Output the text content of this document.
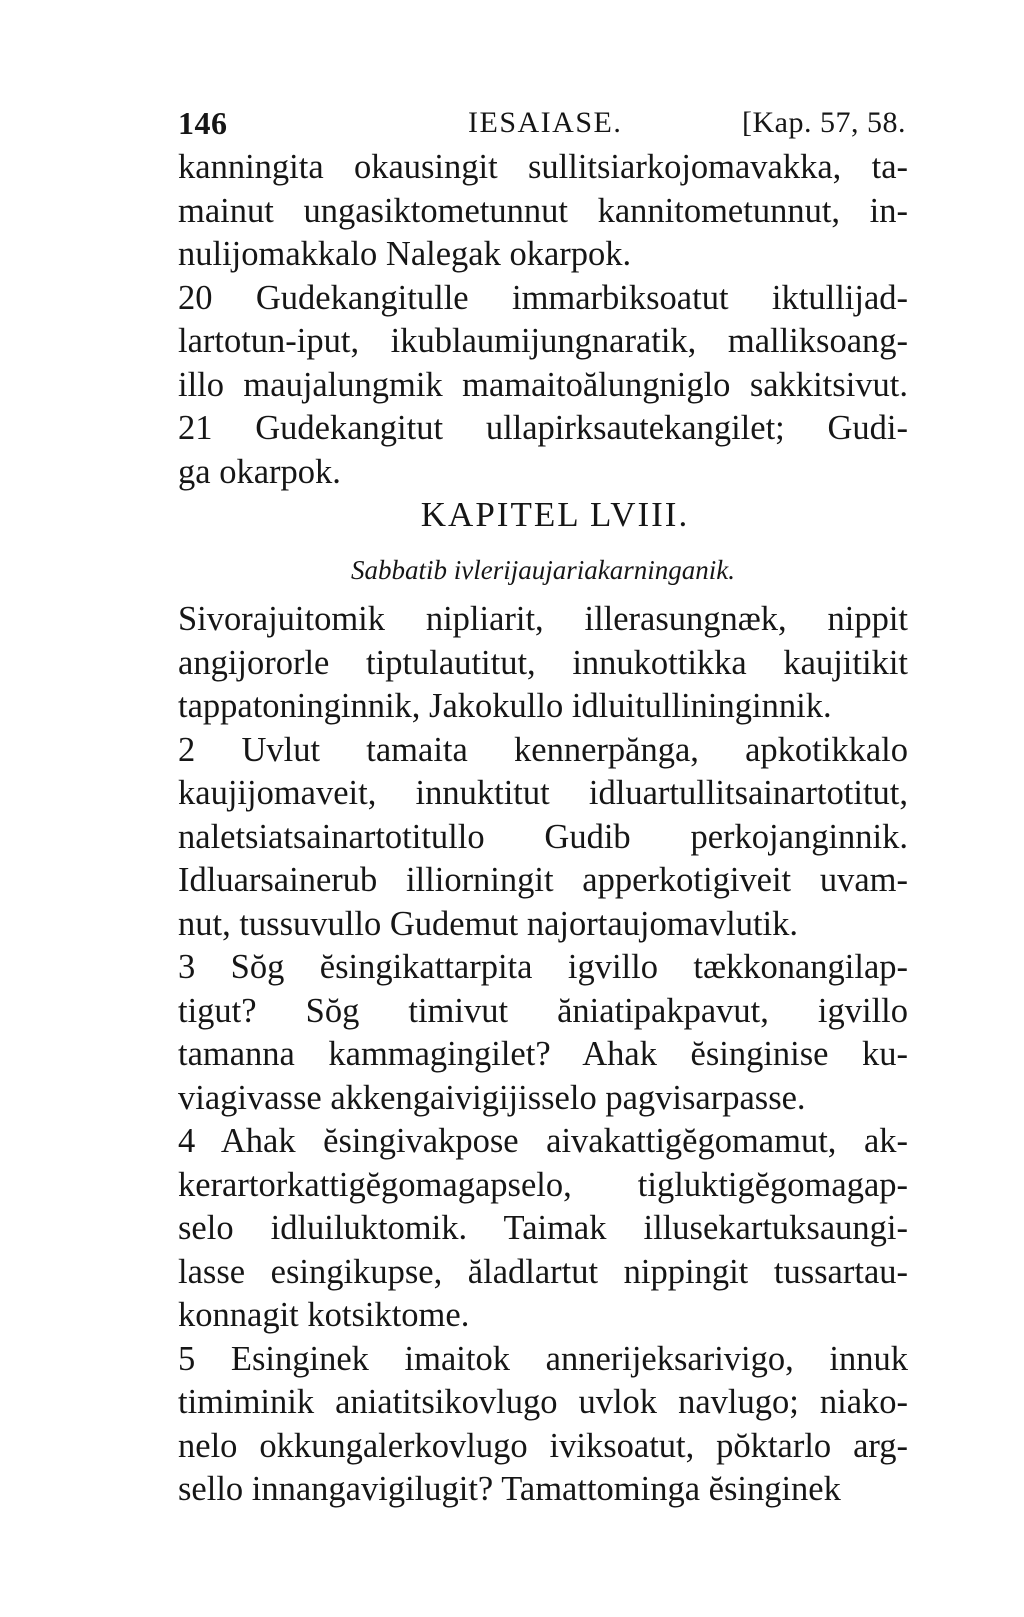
146	IESAIASE.	[Kap. 57, 58.
kanningita okausingit sullitsiarkojomavakka, ta-
mainut ungasiktometunnut kannitometunnut, in-
nulijomakkalo Nalegak okarpok.
20 Gudekangitulle immarbiksoatut iktullijad-
lartotun-iput, ikublaumijungnaratik, malliksoang-
illo maujalungmik mamaitoălungniglo sakkitsivut.
21 Gudekangitut ullapirksautekangilet; Gudi-
ga okarpok.
KAPITEL LVIII.
Sabbatib ivlerijaujariakarninganik.
Sivorajuitomik nipliarit, illerasungnæk, nippit
angijororle tiptulautitut, innukottikka kaujitikit
tappatoninginnik, Jakokullo idluitullininginnik.
2 Uvlut tamaita kennerpănga, apkotikkalo
kaujijomaveit, innuktitut idluartullitsainartotitut,
naletsiatsainartotitullo Gudib perkojanginnik.
Idluarsainerub illiorningit apperkotigiveit uvam-
nut, tussuvullo Gudemut najortaujomavlutik.
3 Sŏg ĕsingikattarpita igvillo tækkonangilap-
tigut? Sŏg timivut ăniatipakpavut, igvillo
tamanna kammagingilet? Ahak ĕsinginise ku-
viagivasse akkengaivigijisselo pagvisarpasse.
4 Ahak ĕsingivakpose aivakattigĕgomamut, ak-
kerartorkattigĕgomagapselo, tigluktigĕgomagap-
selo idluiluktomik. Taimak illusekartuksaungi-
lasse esingikupse, ăladlartut nippingit tussartau-
konnagit kotsiktome.
5 Esinginek imaitok annerijeksarivigo, innuk
timiminik aniatitsikovlugo uvlok navlugo; niako-
nelo okkungalerkovlugo iviksoatut, pŏktarlo arg-
sello innangavigilugit? Tamattominga ĕsinginek
